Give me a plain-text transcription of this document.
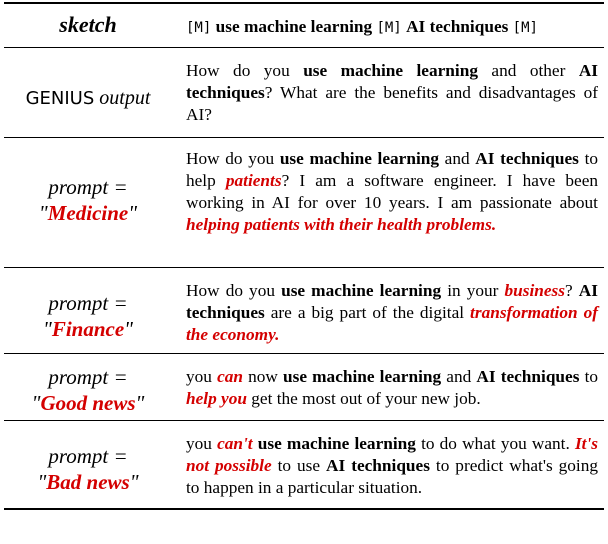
sketch	[M] use machine learning [M] AI techniques [M]
GENIUS output
How do you use machine learning and other AI techniques? What are the benefits and disadvantages of AI?
prompt =
"Medicine"
How do you use machine learning and AI techniques to help patients? I am a software engineer. I have been working in AI for over 10 years. I am passionate about helping patients with their health problems.
prompt =
"Finance"
How do you use machine learning in your business? AI techniques are a big part of the digital transformation of the economy.
prompt =
"Good news"
you can now use machine learning and AI techniques to help you get the most out of your new job.
prompt =
"Bad news"
you can't use machine learning to do what you want. It's not possible to use AI techniques to predict what's going to happen in a particular situation.
